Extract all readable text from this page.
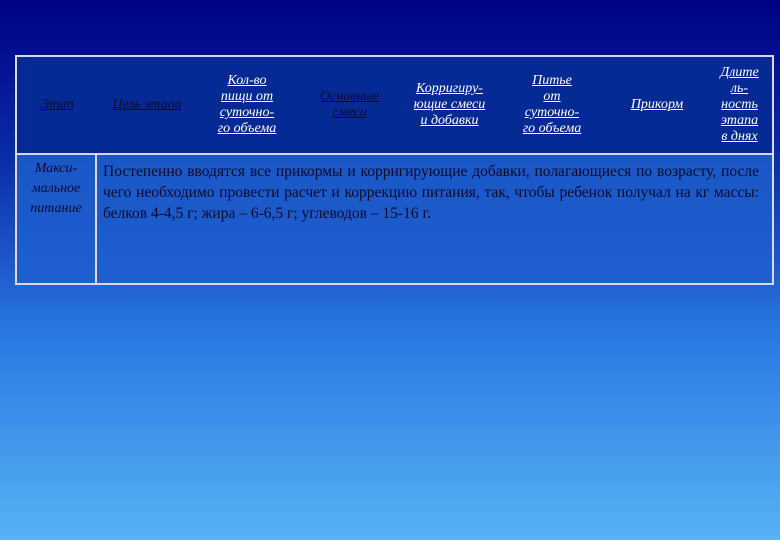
Этап	Цель этапа
Кол-во
пищи от
суточно-
го объема
Основные
смеси
Корригиру-
ющие смеси
и добавки
Питье
от
суточно-
го объема
Прикорм
Длите
ль-
ность
этапа
в днях
Макси-
мальное
питание
Постепенно вводятся все прикормы и корригирующие добавки, полагающиеся по возрасту, после чего необходимо провести расчет и коррекцию питания, так, чтобы ребенок получал на кг массы: белков 4-4,5 г; жира – 6-6,5 г; углеводов – 15-16 г.
